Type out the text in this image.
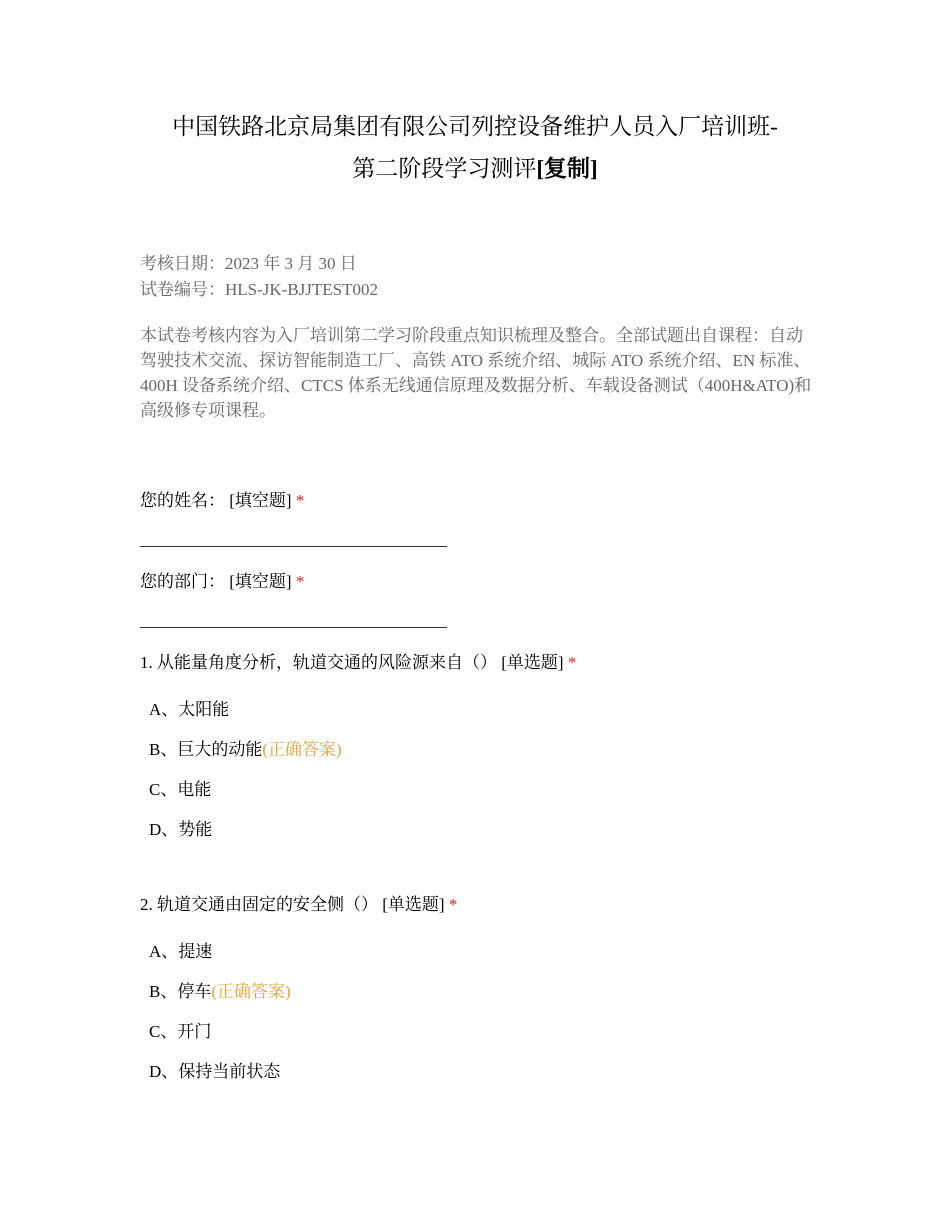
中国铁路北京局集团有限公司列控设备维护人员入厂培训班-
第二阶段学习测评[复制]
考核日期：2023 年 3 月 30 日
试卷编号：HLS-JK-BJJTEST002
本试卷考核内容为入厂培训第二学习阶段重点知识梳理及整合。全部试题出自课程：自动驾驶技术交流、探访智能制造工厂、高铁 ATO 系统介绍、城际 ATO 系统介绍、EN 标准、400H 设备系统介绍、CTCS 体系无线通信原理及数据分析、车载设备测试（400H&ATO)和高级修专项课程。
您的姓名： [填空题] *
您的部门： [填空题] *
1. 从能量角度分析，轨道交通的风险源来自（） [单选题] *
A、太阳能
B、巨大的动能(正确答案)
C、电能
D、势能
2. 轨道交通由固定的安全侧（） [单选题] *
A、提速
B、停车(正确答案)
C、开门
D、保持当前状态
